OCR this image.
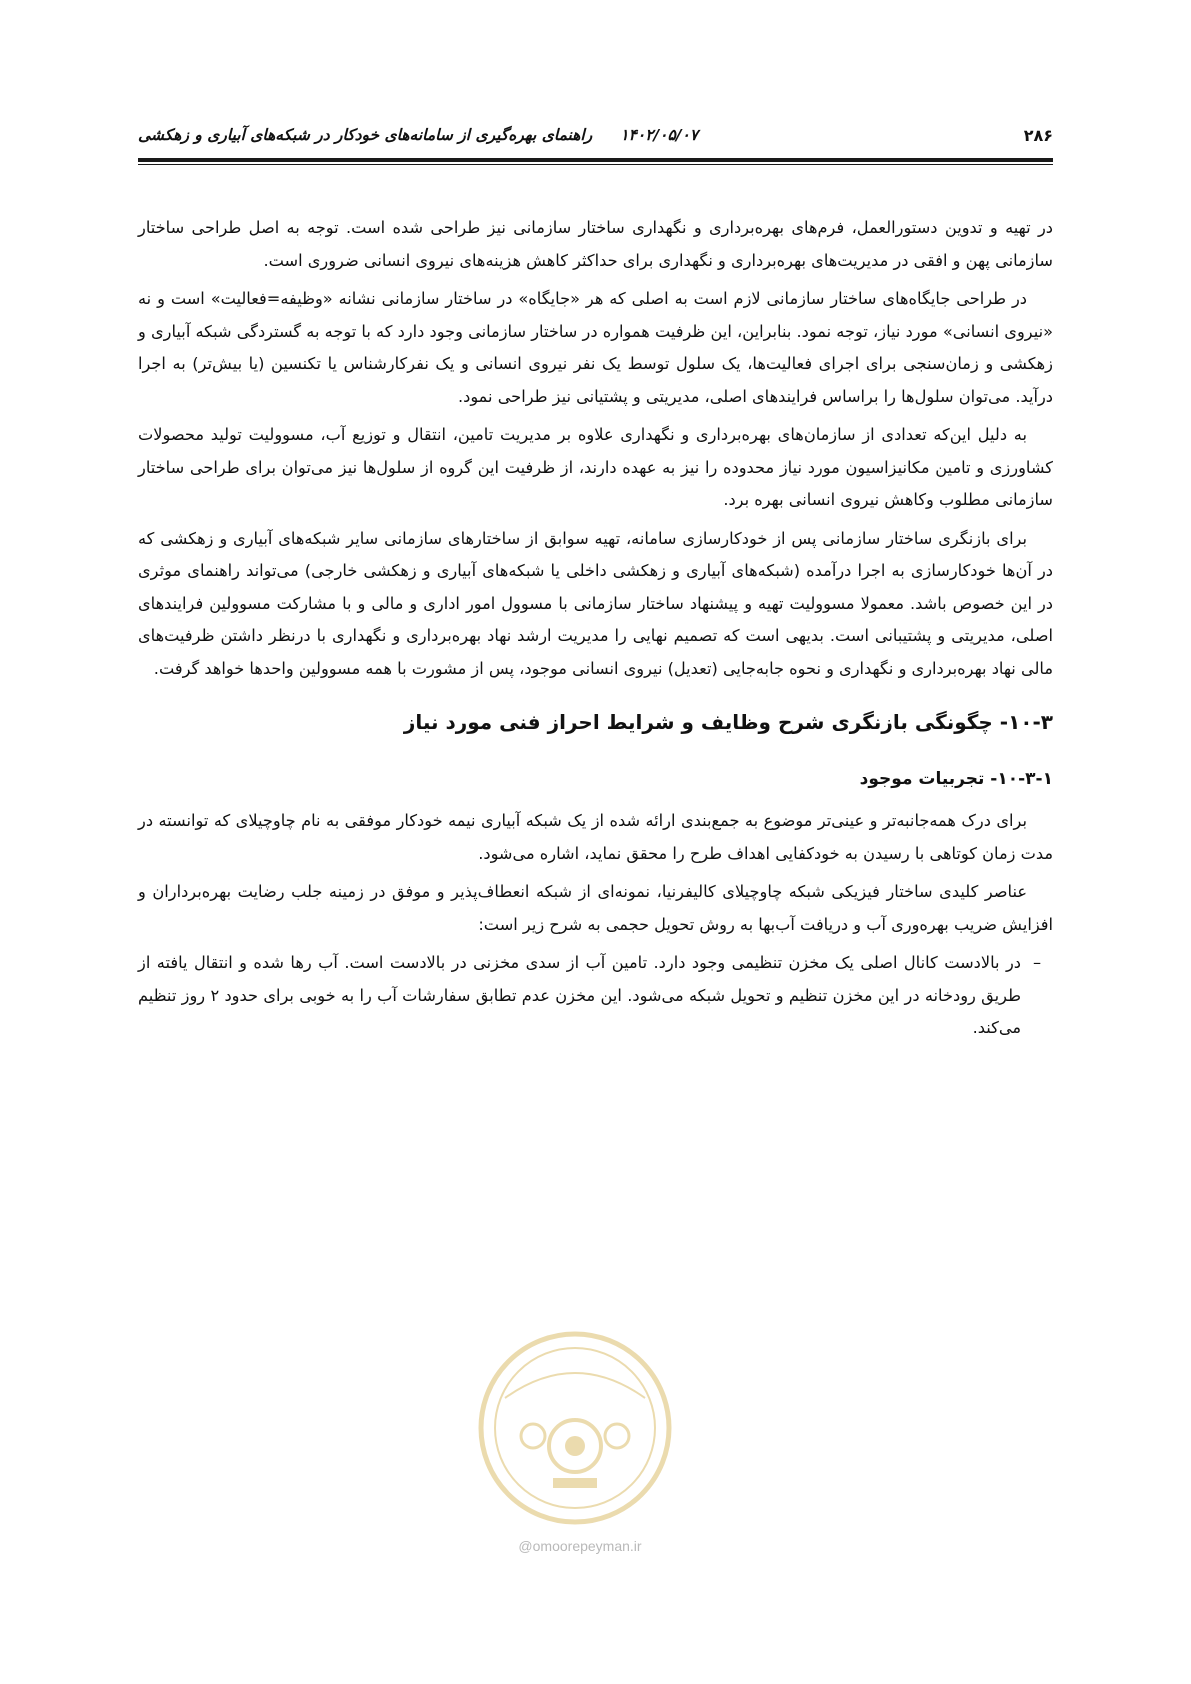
۲۸۶
۱۴۰۲/۰۵/۰۷
راهنمای بهره‌گیری از سامانه‌های خودکار در شبکه‌های آبیاری و زهکشی

در تهیه و تدوین دستورالعمل، فرم‌های بهره‌برداری و نگهداری ساختار سازمانی نیز طراحی شده است. توجه به اصل طراحی ساختار سازمانی پهن و افقی در مدیریت‌های بهره‌برداری و نگهداری برای حداکثر کاهش هزینه‌های نیروی انسانی ضروری است.

در طراحی جایگاه‌های ساختار سازمانی لازم است به اصلی که هر «جایگاه» در ساختار سازمانی نشانه «وظیفه=فعالیت» است و نه «نیروی انسانی» مورد نیاز، توجه نمود. بنابراین، این ظرفیت همواره در ساختار سازمانی وجود دارد که با توجه به گستردگی شبکه آبیاری و زهکشی و زمان‌سنجی برای اجرای فعالیت‌ها، یک سلول توسط یک نفر نیروی انسانی و یک نفرکارشناس یا تکنسین (یا بیش‌تر) به اجرا درآید. می‌توان سلول‌ها را براساس فرایندهای اصلی، مدیریتی و پشتیانی نیز طراحی نمود.

به دلیل این‌که تعدادی از سازمان‌های بهره‌برداری و نگهداری علاوه بر مدیریت تامین، انتقال و توزیع آب، مسوولیت تولید محصولات کشاورزی و تامین مکانیزاسیون مورد نیاز محدوده را نیز به عهده دارند، از ظرفیت این گروه از سلول‌ها نیز می‌توان برای طراحی ساختار سازمانی مطلوب وکاهش نیروی انسانی بهره برد.

برای بازنگری ساختار سازمانی پس از خودکارسازی سامانه، تهیه سوابق از ساختارهای سازمانی سایر شبکه‌های آبیاری و زهکشی که در آن‌ها خودکارسازی به اجرا درآمده (شبکه‌های آبیاری و زهکشی داخلی یا شبکه‌های آبیاری و زهکشی خارجی) می‌تواند راهنمای موثری در این خصوص باشد. معمولا مسوولیت تهیه و پیشنهاد ساختار سازمانی با مسوول امور اداری و مالی و با مشارکت مسوولین فرایندهای اصلی، مدیریتی و پشتیبانی است. بدیهی است که تصمیم نهایی را مدیریت ارشد نهاد بهره‌برداری و نگهداری با درنظر داشتن ظرفیت‌های مالی نهاد بهره‌برداری و نگهداری و نحوه جابه‌جایی (تعدیل) نیروی انسانی موجود، پس از مشورت با همه مسوولین واحدها خواهد گرفت.

۱۰-۳- چگونگی بازنگری شرح وظایف و شرایط احراز فنی مورد نیاز
۱۰-۳-۱- تجربیات موجود

برای درک همه‌جانبه‌تر و عینی‌تر موضوع به جمع‌بندی ارائه شده از یک شبکه آبیاری نیمه خودکار موفقی به نام چاوچیلای که توانسته در مدت زمان کوتاهی با رسیدن به خودکفایی اهداف طرح را محقق نماید، اشاره می‌شود.

عناصر کلیدی ساختار فیزیکی شبکه چاوچیلای کالیفرنیا، نمونه‌ای از شبکه انعطاف‌پذیر و موفق در زمینه جلب رضایت بهره‌برداران و افزایش ضریب بهره‌وری آب و دریافت آب‌بها به روش تحویل حجمی به شرح زیر است:

–
در بالادست کانال اصلی یک مخزن تنظیمی وجود دارد. تامین آب از سدی مخزنی در بالادست است. آب رها شده و انتقال یافته از طریق رودخانه در این مخزن تنظیم و تحویل شبکه می‌شود. این مخزن عدم تطابق سفارشات آب را به خوبی برای حدود ۲ روز تنظیم می‌کند.
@omoorepeyman.ir
